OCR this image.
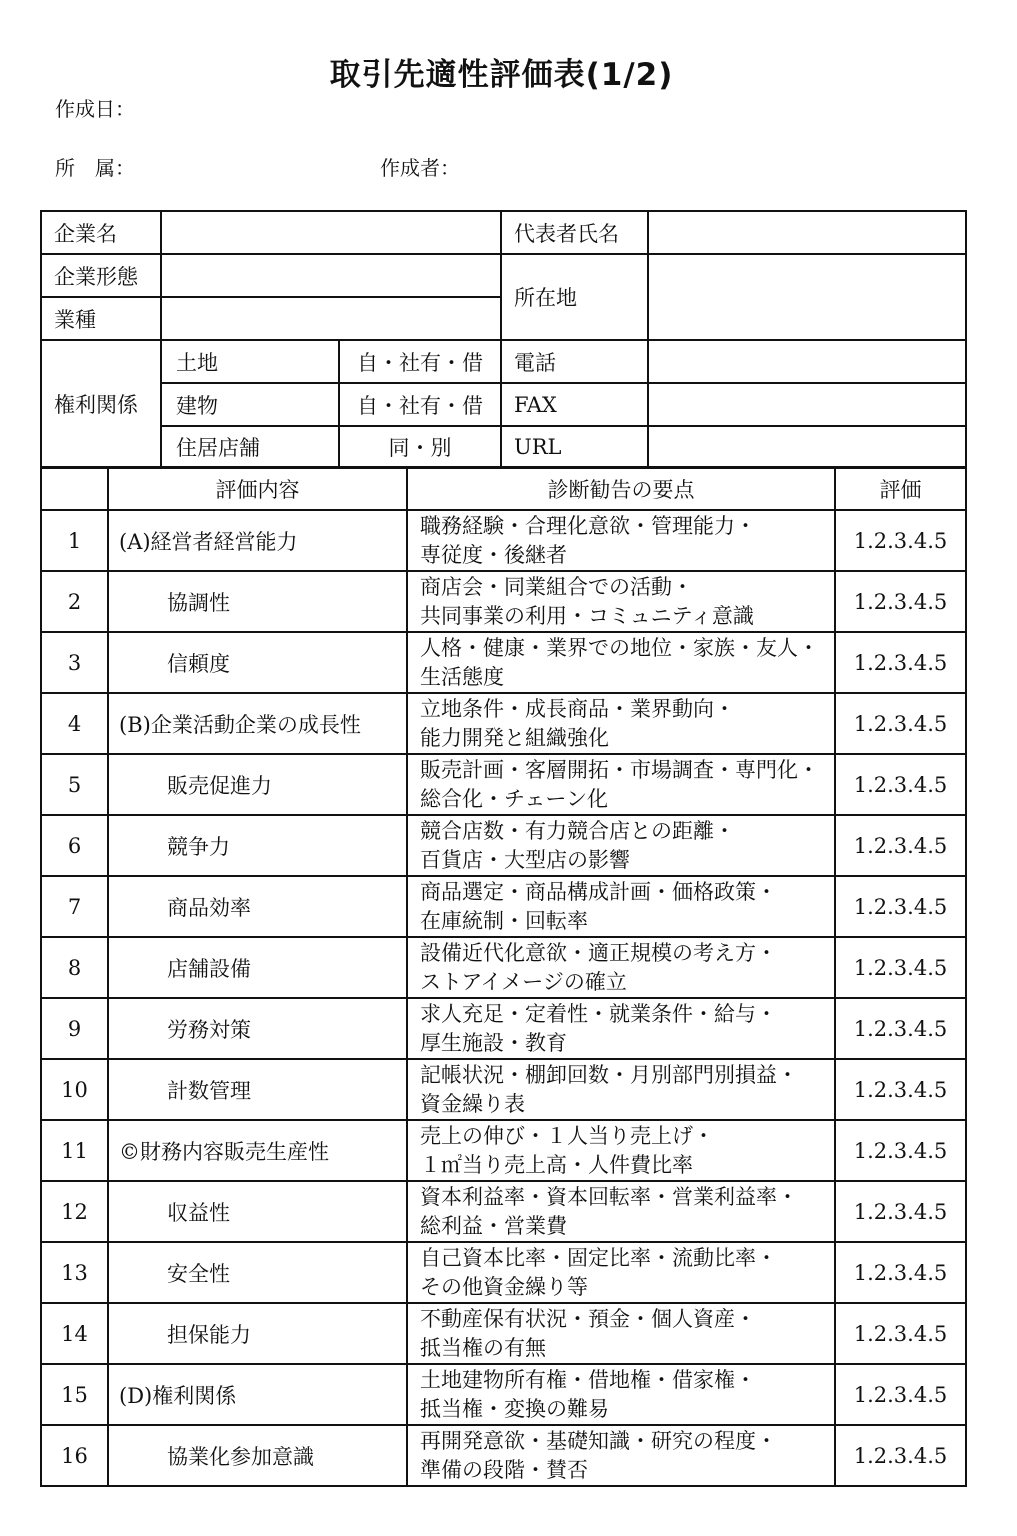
取引先適性評価表(1/2)
作成日：
所　属：	作成者：
企業名			代表者氏名	
企業形態			所在地	
業種				
権利関係	土地	自・社有・借	電話	
	建物	自・社有・借	FAX	
	住居店舗	同・別	URL	
	評価内容	診断勧告の要点	評価
1	(A)経営者経営能力	職務経験・合理化意欲・管理能力・
専従度・後継者	1.2.3.4.5
2	協調性	商店会・同業組合での活動・
共同事業の利用・コミュニティ意識	1.2.3.4.5
3	信頼度	人格・健康・業界での地位・家族・友人・
生活態度	1.2.3.4.5
4	(B)企業活動企業の成長性	立地条件・成長商品・業界動向・
能力開発と組織強化	1.2.3.4.5
5	販売促進力	販売計画・客層開拓・市場調査・専門化・
総合化・チェーン化	1.2.3.4.5
6	競争力	競合店数・有力競合店との距離・
百貨店・大型店の影響	1.2.3.4.5
7	商品効率	商品選定・商品構成計画・価格政策・
在庫統制・回転率	1.2.3.4.5
8	店舗設備	設備近代化意欲・適正規模の考え方・
ストアイメージの確立	1.2.3.4.5
9	労務対策	求人充足・定着性・就業条件・給与・
厚生施設・教育	1.2.3.4.5
10	計数管理	記帳状況・棚卸回数・月別部門別損益・
資金繰り表	1.2.3.4.5
11	©財務内容販売生産性	売上の伸び・１人当り売上げ・
１㎡当り売上高・人件費比率	1.2.3.4.5
12	収益性	資本利益率・資本回転率・営業利益率・
総利益・営業費	1.2.3.4.5
13	安全性	自己資本比率・固定比率・流動比率・
その他資金繰り等	1.2.3.4.5
14	担保能力	不動産保有状況・預金・個人資産・
抵当権の有無	1.2.3.4.5
15	(D)権利関係	土地建物所有権・借地権・借家権・
抵当権・変換の難易	1.2.3.4.5
16	協業化参加意識	再開発意欲・基礎知識・研究の程度・
準備の段階・賛否	1.2.3.4.5
